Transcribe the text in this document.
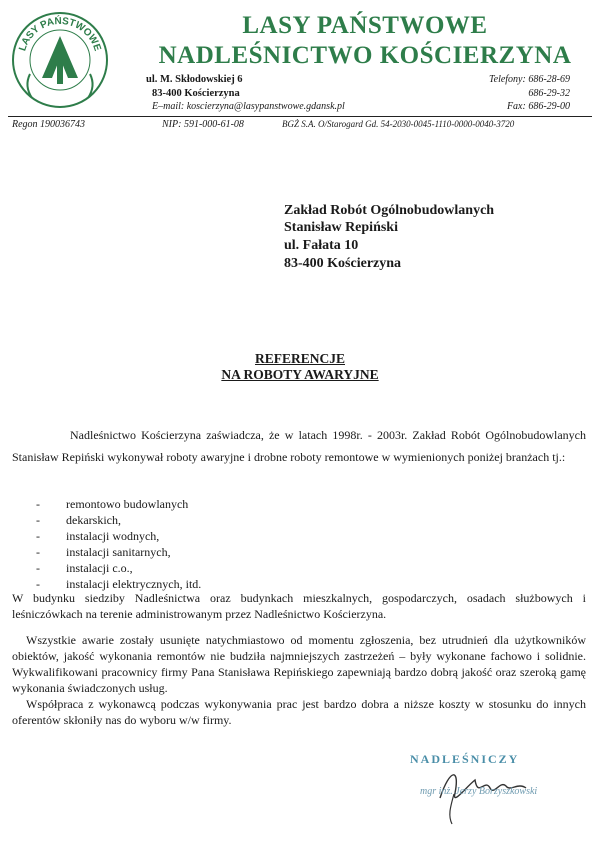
LASY PAŃSTWOWE
LASY PAŃSTWOWE
NADLEŚNICTWO KOŚCIERZYNA
ul. M. Skłodowskiej 6
83-400 Kościerzyna
E–mail: koscierzyna@lasypanstwowe.gdansk.pl
Telefony: 686-28-69
686-29-32
Fax: 686-29-00
Regon 190036743	NIP: 591-000-61-08	BGŻ S.A. O/Starogard Gd. 54-2030-0045-1110-0000-0040-3720
Zakład Robót Ogólnobudowlanych
Stanisław Repiński
ul. Fałata 10
83-400 Kościerzyna
REFERENCJE
NA ROBOTY AWARYJNE
Nadleśnictwo Kościerzyna zaświadcza, że w latach 1998r. - 2003r. Zakład Robót Ogólnobudowlanych Stanisław Repiński wykonywał roboty awaryjne i drobne roboty remontowe w wymienionych poniżej branżach tj.:
-	remontowo budowlanych
-	dekarskich,
-	instalacji wodnych,
-	instalacji sanitarnych,
-	instalacji c.o.,
-	instalacji elektrycznych, itd.
W budynku siedziby Nadleśnictwa oraz budynkach mieszkalnych, gospodarczych, osadach służbowych i leśniczówkach na terenie administrowanym przez Nadleśnictwo Kościerzyna.
Wszystkie awarie zostały usunięte natychmiastowo od momentu zgłoszenia, bez utrudnień dla użytkowników obiektów, jakość wykonania remontów nie budziła najmniejszych zastrzeżeń – były wykonane fachowo i solidnie. Wykwalifikowani pracownicy firmy Pana Stanisława Repińskiego zapewniają bardzo dobrą jakość oraz szeroką gamę wykonania świadczonych usług.
Współpraca z wykonawcą podczas wykonywania prac jest bardzo dobra a niższe koszty w stosunku do innych oferentów skłoniły nas do wyboru w/w firmy.
NADLEŚNICZY
mgr inż. Jerzy Borzyszkowski
